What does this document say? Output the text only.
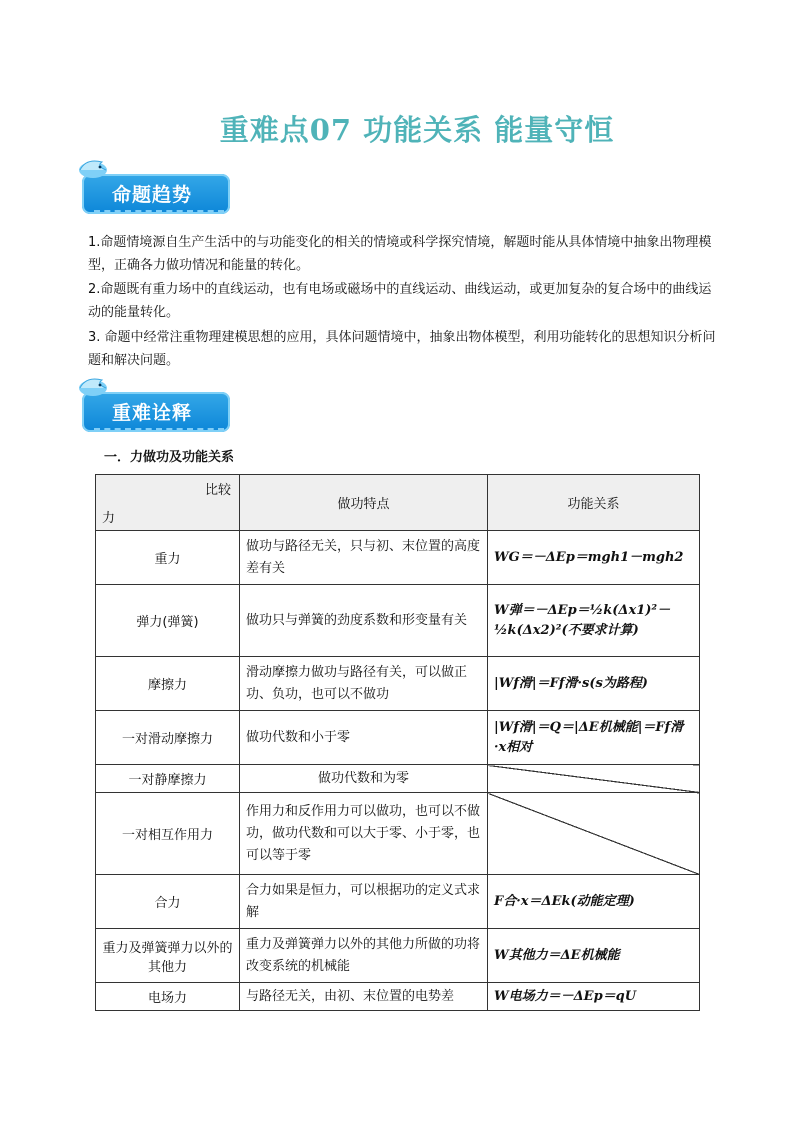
重难点07 功能关系 能量守恒
命题趋势
1.命题情境源自生产生活中的与功能变化的相关的情境或科学探究情境，解题时能从具体情境中抽象出物理模型，正确各力做功情况和能量的转化。
2.命题既有重力场中的直线运动，也有电场或磁场中的直线运动、曲线运动，或更加复杂的复合场中的曲线运动的能量转化。
3. 命题中经常注重物理建模思想的应用，具体问题情境中，抽象出物体模型，利用功能转化的思想知识分析问题和解决问题。
重难诠释
一．力做功及功能关系
比较
力	做功特点	功能关系
重力	做功与路径无关，只与初、末位置的高度差有关	WG＝－ΔEp＝mgh1－mgh2
弹力(弹簧)	做功只与弹簧的劲度系数和形变量有关	W弹＝－ΔEp＝½k(Δx1)²－½k(Δx2)²(不要求计算)
摩擦力	滑动摩擦力做功与路径有关，可以做正功、负功，也可以不做功	|Wf滑|＝Ff滑·s(s为路程)
一对滑动摩擦力	做功代数和小于零	|Wf滑|＝Q＝|ΔE机械能|＝Ff滑·x相对
一对静摩擦力	做功代数和为零	
一对相互作用力	作用力和反作用力可以做功，也可以不做功，做功代数和可以大于零、小于零，也可以等于零	
合力	合力如果是恒力，可以根据功的定义式求解	F合·x＝ΔEk(动能定理)
重力及弹簧弹力以外的其他力	重力及弹簧弹力以外的其他力所做的功将改变系统的机械能	W其他力＝ΔE机械能
电场力	与路径无关，由初、末位置的电势差	W电场力＝－ΔEp＝qU
